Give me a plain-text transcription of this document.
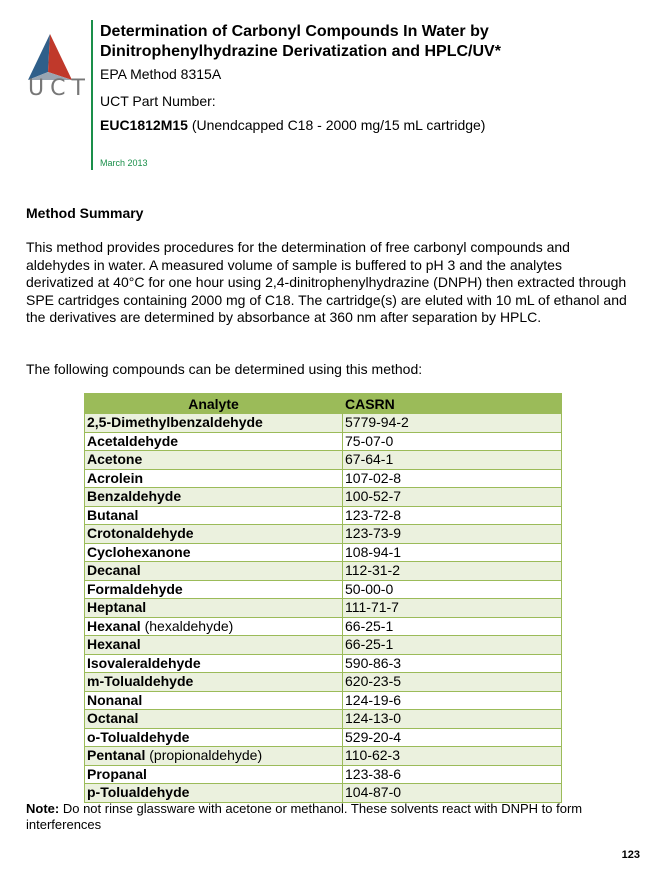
UCT
Determination of Carbonyl Compounds In Water by
Dinitrophenylhydrazine Derivatization and HPLC/UV*
EPA Method 8315A
UCT Part Number:
EUC1812M15 (Unendcapped C18 - 2000 mg/15 mL cartridge)
March 2013
Method Summary
This method provides procedures for the determination of free carbonyl compounds and aldehydes in water. A measured volume of sample is buffered to pH 3 and the analytes derivatized at 40°C for one hour using 2,4-dinitrophenylhydrazine (DNPH) then extracted through SPE cartridges containing 2000 mg of C18. The cartridge(s) are eluted with 10 mL of ethanol and the derivatives are determined by absorbance at 360 nm after separation by HPLC.
The following compounds can be determined using this method:
Analyte	CASRN
2,5-Dimethylbenzaldehyde	5779-94-2
Acetaldehyde	75-07-0
Acetone	67-64-1
Acrolein	107-02-8
Benzaldehyde	100-52-7
Butanal	123-72-8
Crotonaldehyde	123-73-9
Cyclohexanone	108-94-1
Decanal	112-31-2
Formaldehyde	50-00-0
Heptanal	111-71-7
Hexanal (hexaldehyde)	66-25-1
Hexanal	66-25-1
Isovaleraldehyde	590-86-3
m-Tolualdehyde	620-23-5
Nonanal	124-19-6
Octanal	124-13-0
o-Tolualdehyde	529-20-4
Pentanal (propionaldehyde)	110-62-3
Propanal	123-38-6
p-Tolualdehyde	104-87-0
Note: Do not rinse glassware with acetone or methanol. These solvents react with DNPH to form interferences
123
